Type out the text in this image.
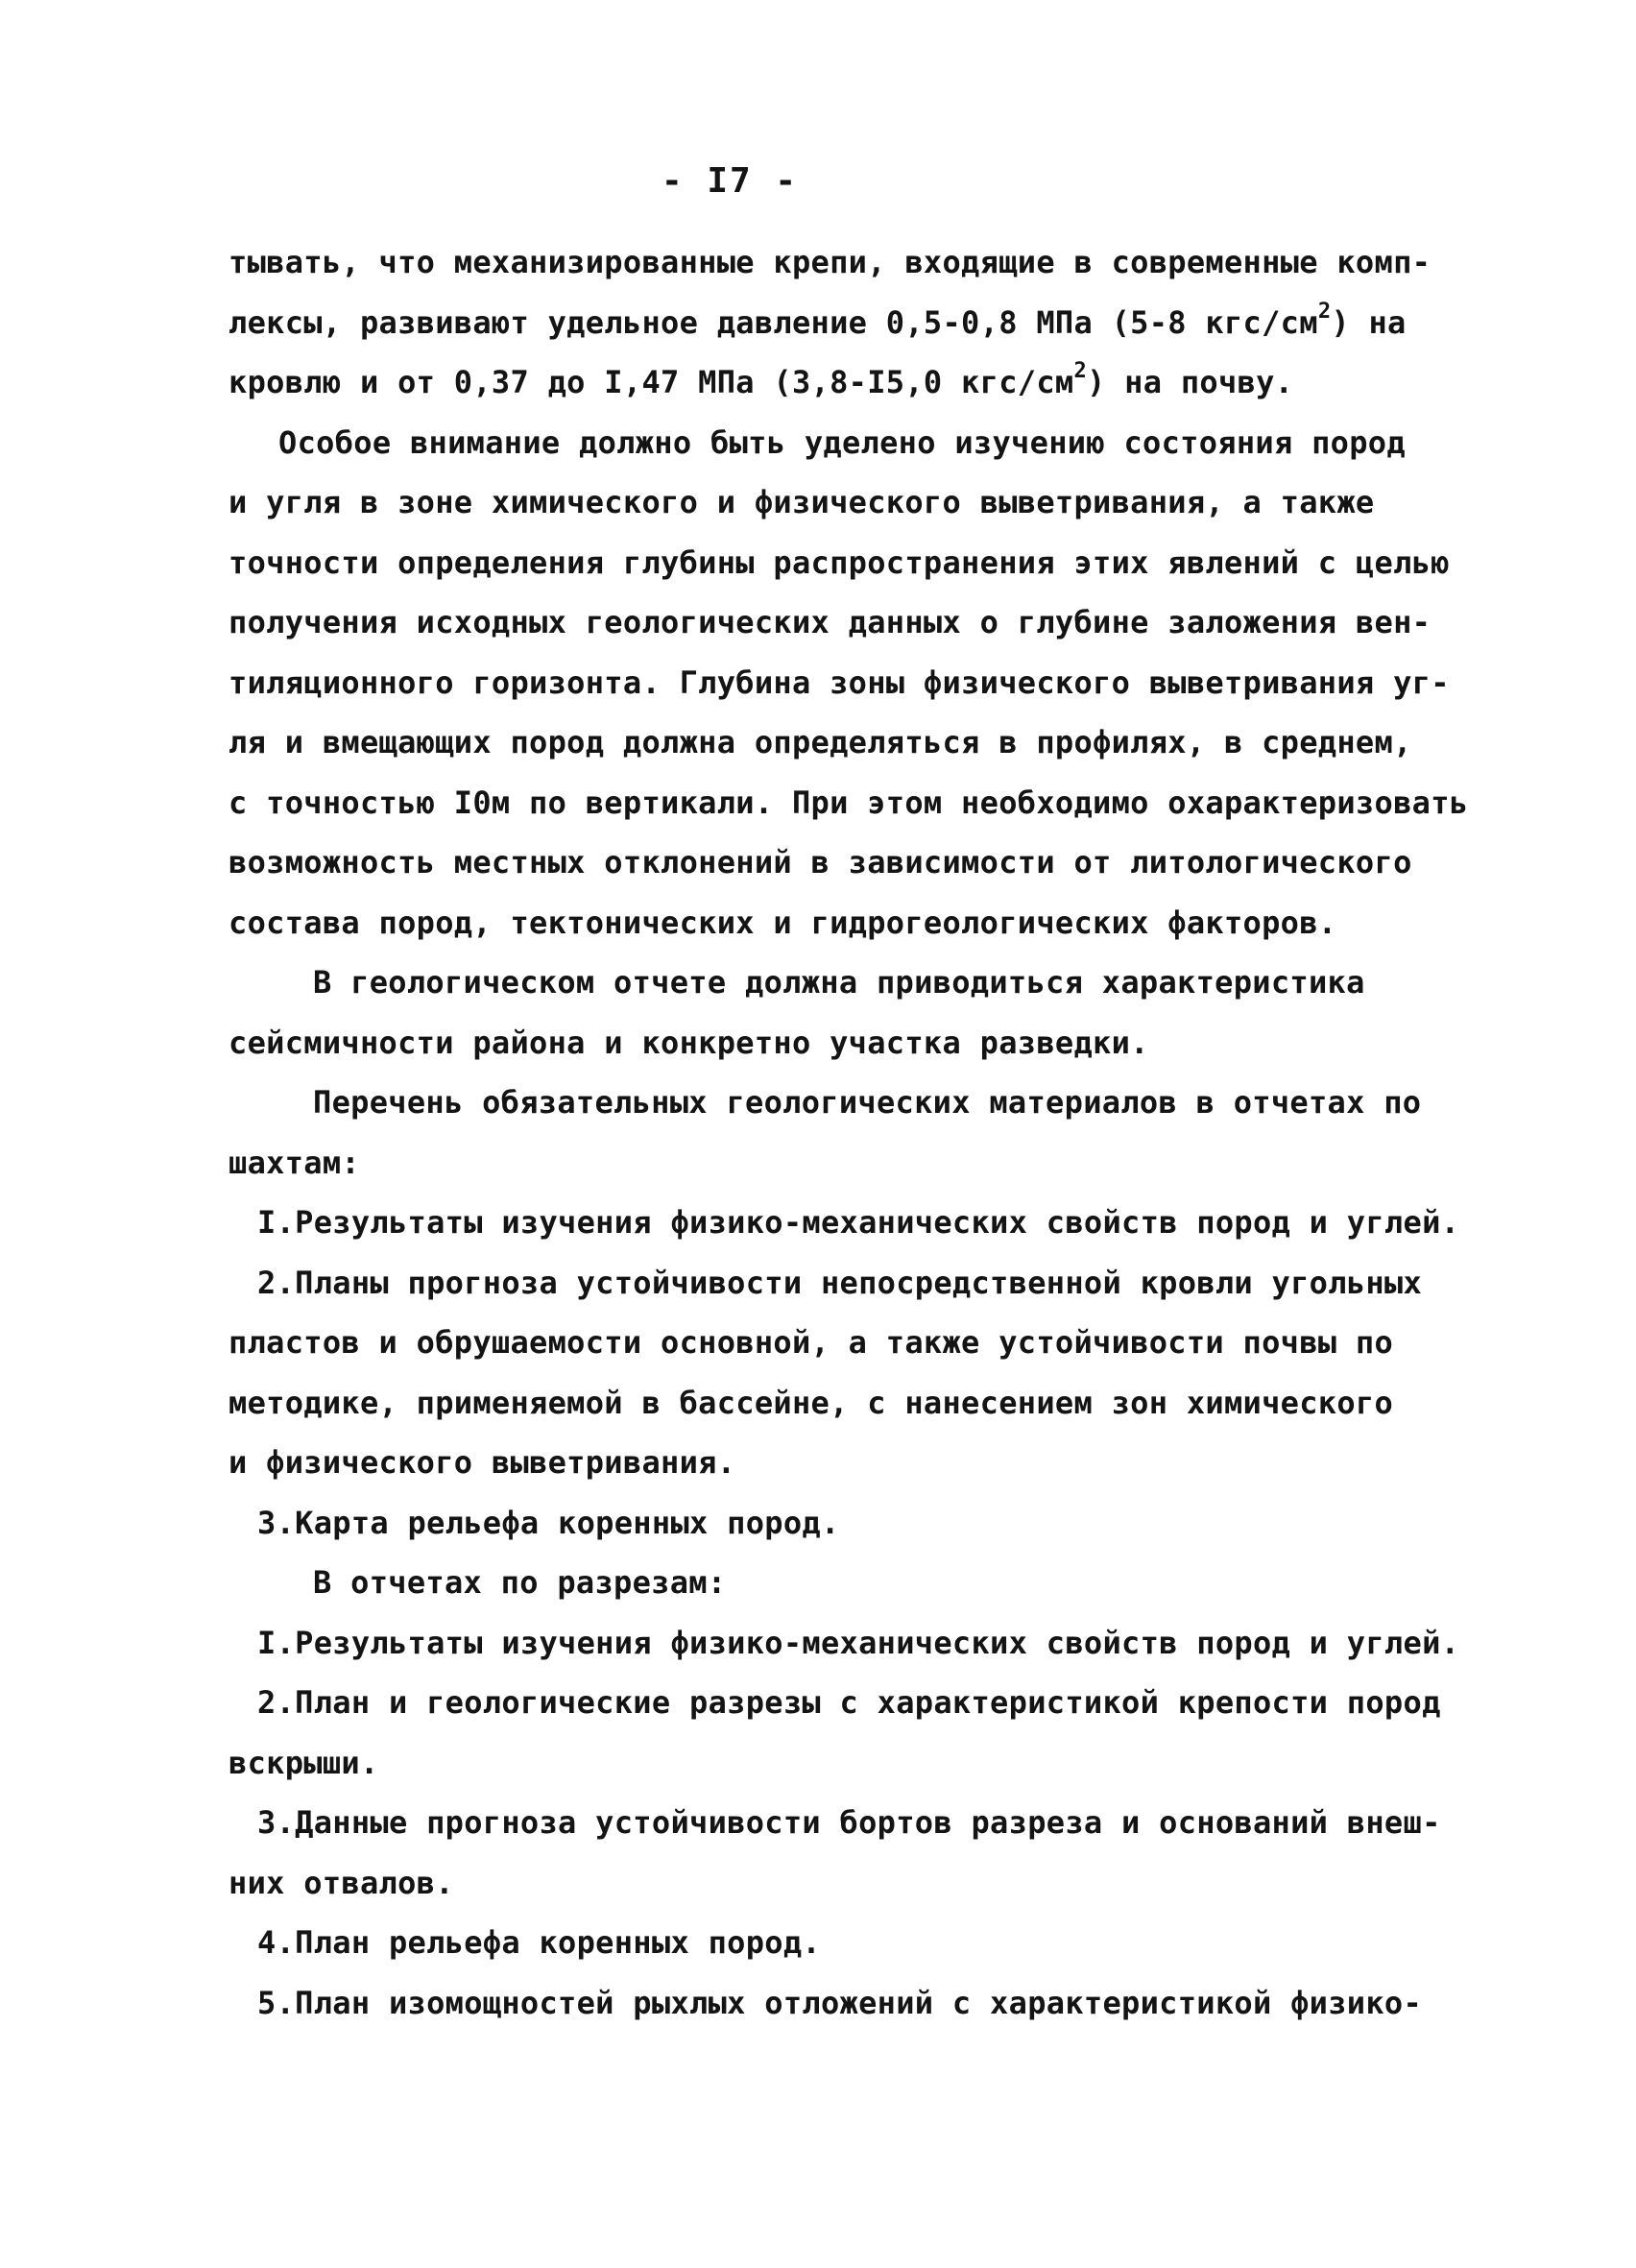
- I7 -
тывать, что механизированные крепи, входящие в современные комп-
лексы, развивают удельное давление 0,5-0,8 МПа (5-8 кгс/$см^2$) на
кровлю и от 0,37 до I,47 МПа (3,8-I5,0 кгс/$см^2$) на почву.
Особое внимание должно быть уделено изучению состояния пород
и угля в зоне химического и физического выветривания, а также
точности определения глубины распространения этих явлений с целью
получения исходных геологических данных о глубине заложения вен-
тиляционного горизонта. Глубина зоны физического выветривания уг-
ля и вмещающих пород должна определяться в профилях, в среднем,
с точностью I0м по вертикали. При этом необходимо охарактеризовать
возможность местных отклонений в зависимости от литологического
состава пород, тектонических и гидрогеологических факторов.
В геологическом отчете должна приводиться характеристика
сейсмичности района и конкретно участка разведки.
Перечень обязательных геологических материалов в отчетах по
шахтам:
I.Результаты изучения физико-механических свойств пород и углей.
2.Планы прогноза устойчивости непосредственной кровли угольных
пластов и обрушаемости основной, а также устойчивости почвы по
методике, применяемой в бассейне, с нанесением зон химического
и физического выветривания.
3.Карта рельефа коренных пород.
В отчетах по разрезам:
I.Результаты изучения физико-механических свойств пород и углей.
2.План и геологические разрезы с характеристикой крепости пород
вскрыши.
3.Данные прогноза устойчивости бортов разреза и оснований внеш-
них отвалов.
4.План рельефа коренных пород.
5.План изомощностей рыхлых отложений с характеристикой физико-
